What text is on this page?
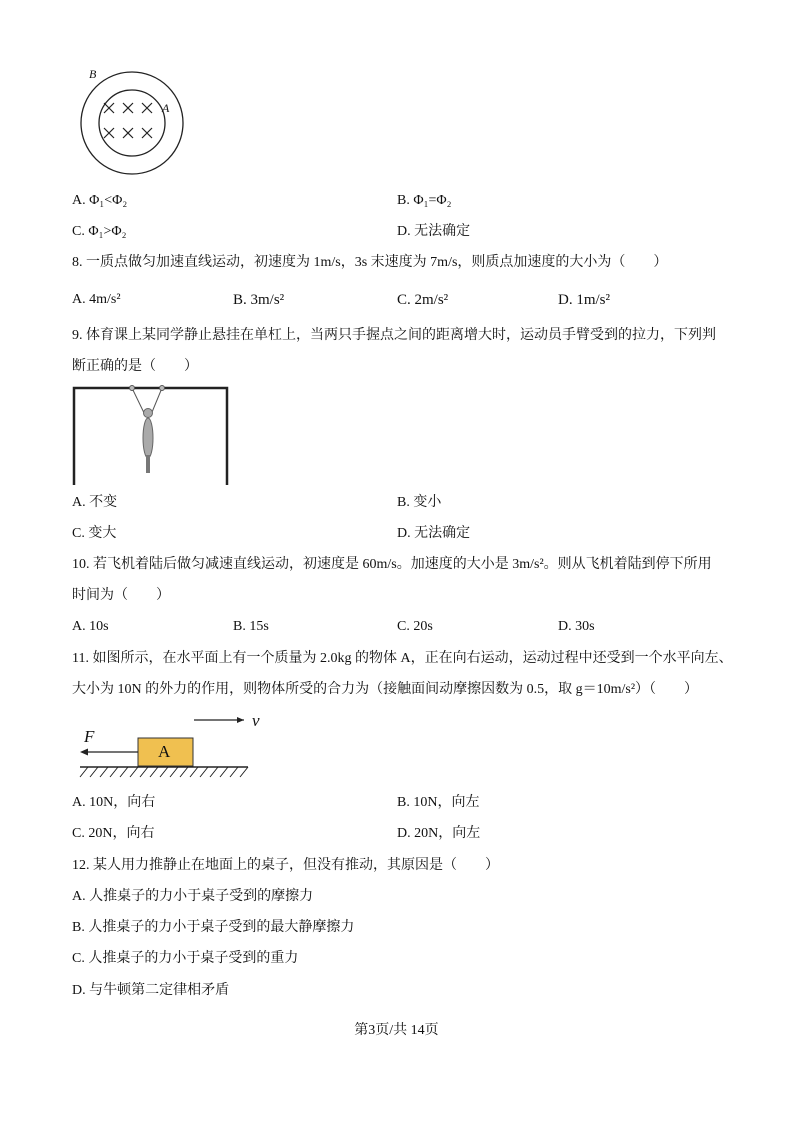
B
A
A. Φ₁<Φ₂	B. Φ₁=Φ₂
C. Φ₁>Φ₂	D. 无法确定
8. 一质点做匀加速直线运动，初速度为 1m/s，3s 末速度为 7m/s，则质点加速度的大小为（　　）
A. 4m/s²	B. 3m/s²	C. 2m/s²	D. 1m/s²
9. 体育课上某同学静止悬挂在单杠上，当两只手握点之间的距离增大时，运动员手臂受到的拉力，下列判
断正确的是（　　）
A. 不变	B. 变小
C. 变大	D. 无法确定
10. 若飞机着陆后做匀减速直线运动，初速度是 60m/s。加速度的大小是 3m/s²。则从飞机着陆到停下所用
时间为（　　）
A. 10s	B. 15s	C. 20s	D. 30s
11. 如图所示，在水平面上有一个质量为 2.0kg 的物体 A，正在向右运动，运动过程中还受到一个水平向左、
大小为 10N 的外力的作用，则物体所受的合力为（接触面间动摩擦因数为 0.5，取 g＝10m/s²）（　　）
F
v
A
A. 10N，向右	B. 10N，向左
C. 20N，向右	D. 20N，向左
12. 某人用力推静止在地面上的桌子，但没有推动，其原因是（　　）
A. 人推桌子的力小于桌子受到的摩擦力
B. 人推桌子的力小于桌子受到的最大静摩擦力
C. 人推桌子的力小于桌子受到的重力
D. 与牛顿第二定律相矛盾
第3页/共 14页
